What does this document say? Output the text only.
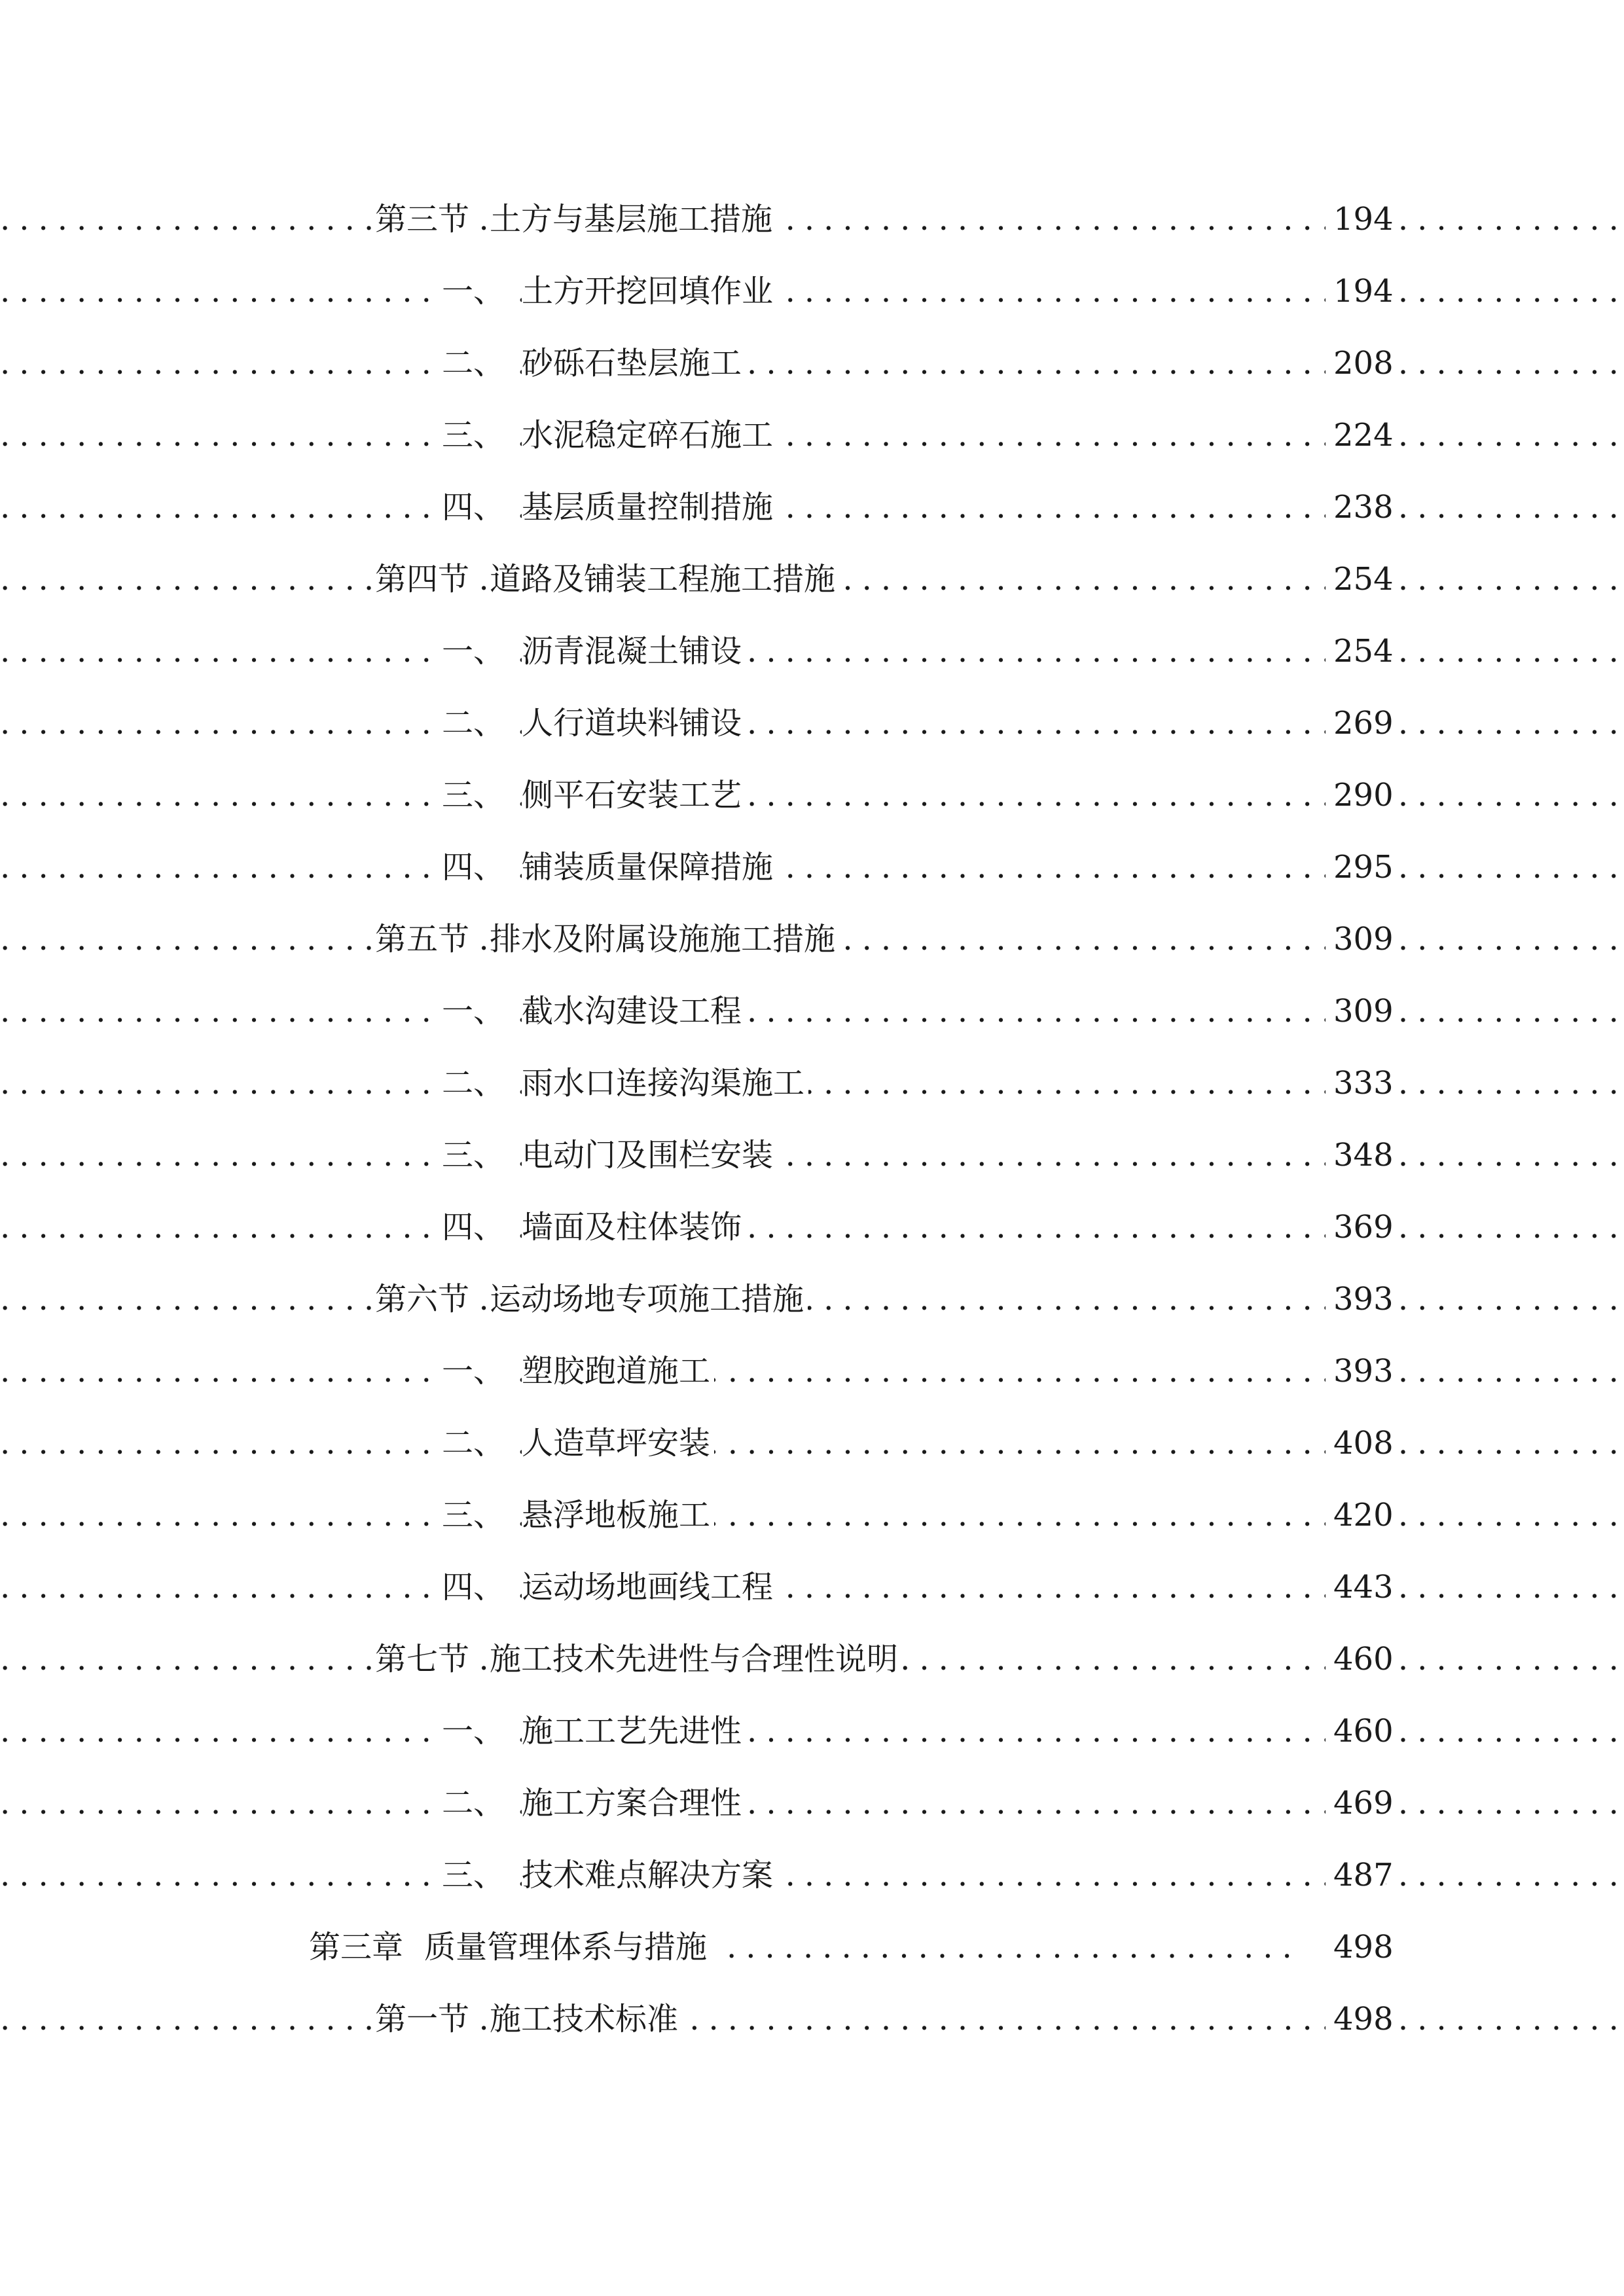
.....
第三节 土方与基层施工措施	194
.....
一、 土方开挖回填作业	194
.....
二、 砂砾石垫层施工	208
.....
三、 水泥稳定碎石施工	224
.....
四、 基层质量控制措施	238
.....
第四节 道路及铺装工程施工措施	254
.....
一、 沥青混凝土铺设	254
.....
二、 人行道块料铺设	269
.....
三、 侧平石安装工艺	290
.....
四、 铺装质量保障措施	295
.....
第五节 排水及附属设施施工措施	309
.....
一、 截水沟建设工程	309
.....
二、 雨水口连接沟渠施工	333
.....
三、 电动门及围栏安装	348
.....
四、 墙面及柱体装饰	369
.....
第六节 运动场地专项施工措施	393
.....
一、 塑胶跑道施工	393
.....
二、 人造草坪安装	408
.....
三、 悬浮地板施工	420
.....
四、 运动场地画线工程	443
.....
第七节 施工技术先进性与合理性说明	460
.....
一、 施工工艺先进性	460
.....
二、 施工方案合理性	469
.....
三、 技术难点解决方案	487
.....
第三章 质量管理体系与措施	498
.....
第一节 施工技术标准	498
